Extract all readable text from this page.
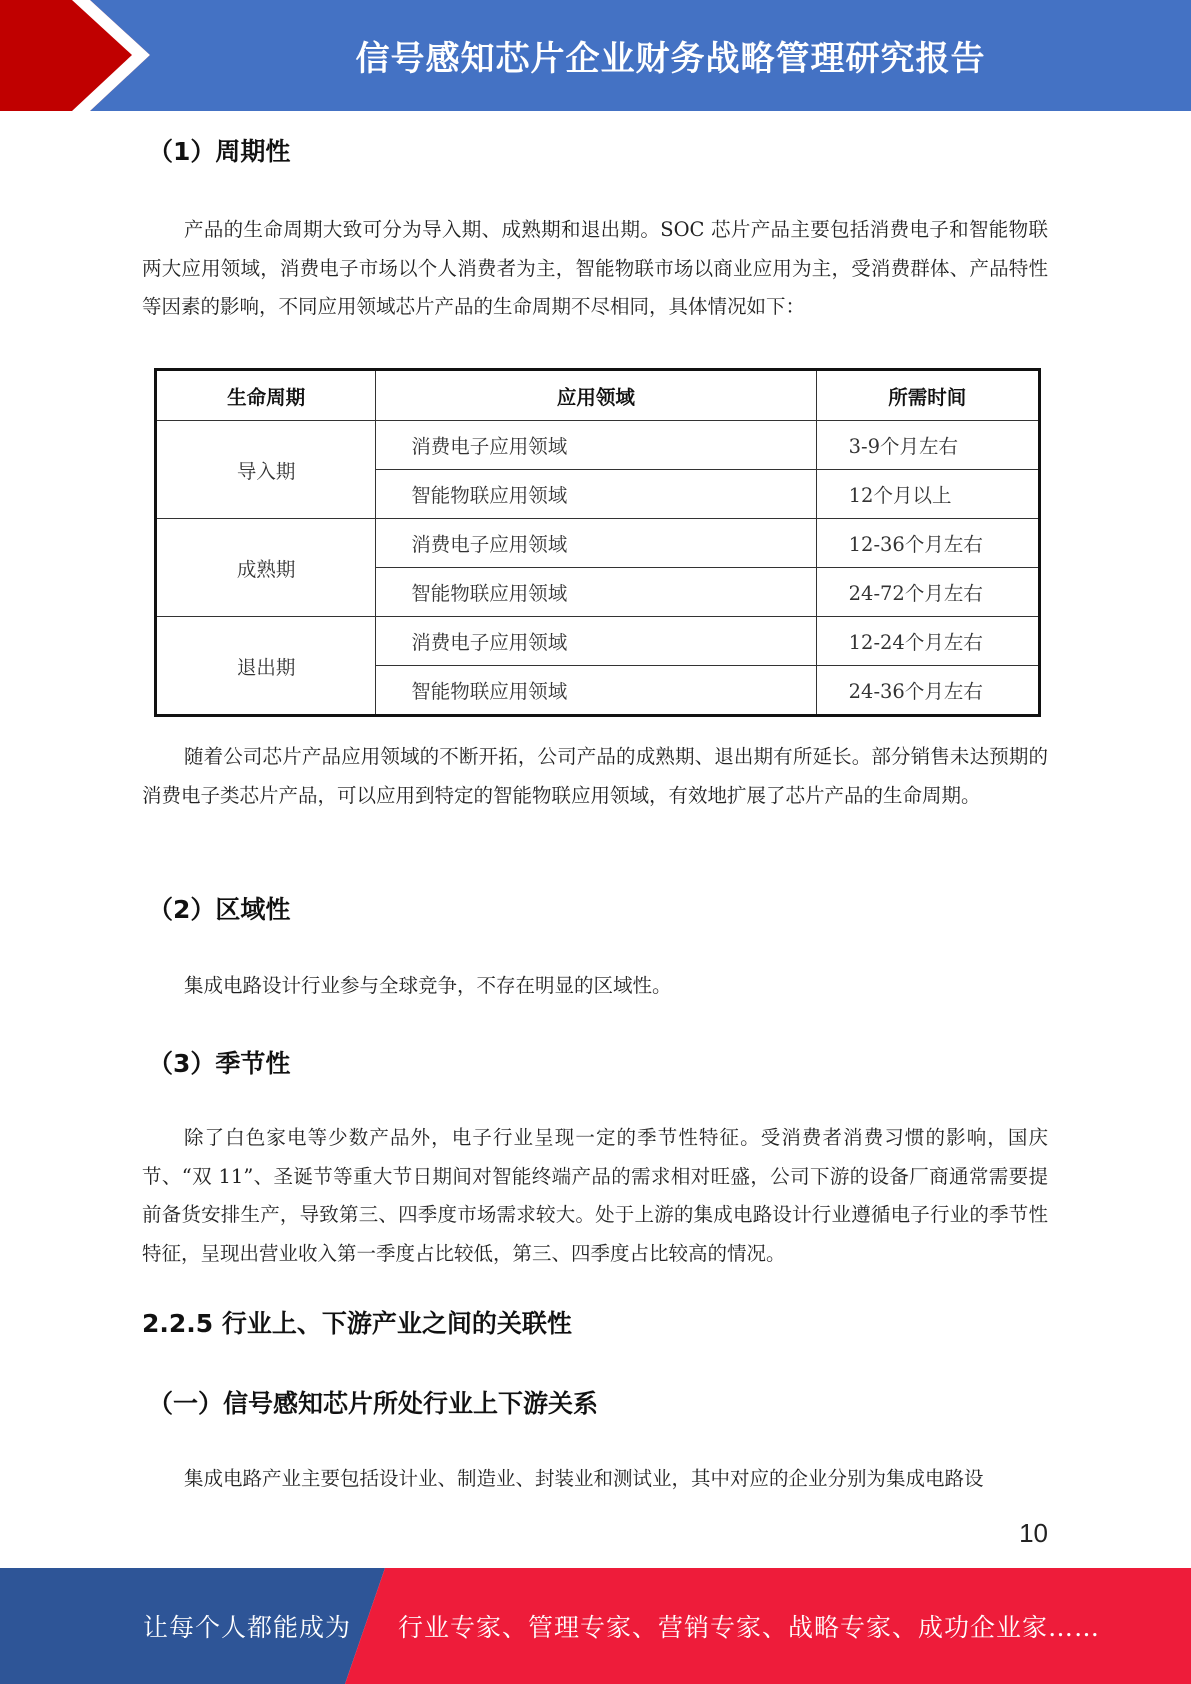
信号感知芯片企业财务战略管理研究报告
（1）周期性

产品的生命周期大致可分为导入期、成熟期和退出期。SOC 芯片产品主要包括消费电子和智能物联两大应用领域，消费电子市场以个人消费者为主，智能物联市场以商业应用为主，受消费群体、产品特性等因素的影响，不同应用领域芯片产品的生命周期不尽相同，具体情况如下：

生命周期	应用领域	所需时间
导入期	消费电子应用领域	3-9个月左右
	智能物联应用领域	12个月以上
成熟期	消费电子应用领域	12-36个月左右
	智能物联应用领域	24-72个月左右
退出期	消费电子应用领域	12-24个月左右
	智能物联应用领域	24-36个月左右

随着公司芯片产品应用领域的不断开拓，公司产品的成熟期、退出期有所延长。部分销售未达预期的消费电子类芯片产品，可以应用到特定的智能物联应用领域，有效地扩展了芯片产品的生命周期。

（2）区域性

集成电路设计行业参与全球竞争，不存在明显的区域性。

（3）季节性

除了白色家电等少数产品外，电子行业呈现一定的季节性特征。受消费者消费习惯的影响，国庆节、“双 11”、圣诞节等重大节日期间对智能终端产品的需求相对旺盛，公司下游的设备厂商通常需要提前备货安排生产，导致第三、四季度市场需求较大。处于上游的集成电路设计行业遵循电子行业的季节性特征，呈现出营业收入第一季度占比较低，第三、四季度占比较高的情况。

2.2.5 行业上、下游产业之间的关联性
（一）信号感知芯片所处行业上下游关系

集成电路产业主要包括设计业、制造业、封装业和测试业，其中对应的企业分别为集成电路设

10
让每个人都能成为 行业专家、管理专家、营销专家、战略专家、成功企业家……
